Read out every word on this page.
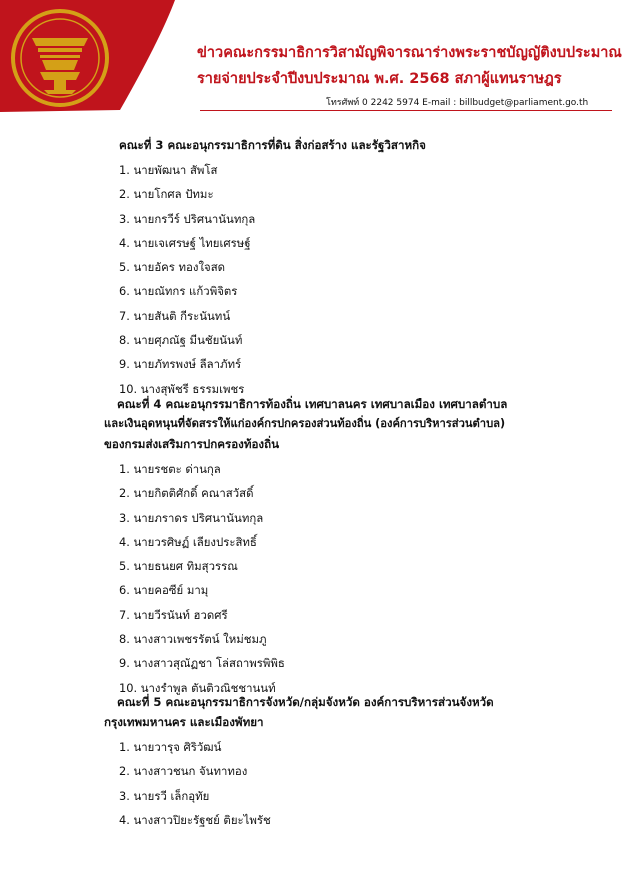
ข่าวคณะกรรมาธิการวิสามัญพิจารณาร่างพระราชบัญญัติงบประมาณ
รายจ่ายประจำปีงบประมาณ พ.ศ. 2568 สภาผู้แทนราษฎร
โทรศัพท์ 0 2242 5974 E-mail : billbudget@parliament.go.th
คณะที่ 3 คณะอนุกรรมาธิการที่ดิน สิ่งก่อสร้าง และรัฐวิสาหกิจ
1. นายพัฒนา สัพโส
2. นายโกศล ปัทมะ
3. นายกรวีร์ ปริศนานันทกุล
4. นายเจเศรษฐ์ ไทยเศรษฐ์
5. นายอัคร ทองใจสด
6. นายณัทกร แก้วพิจิตร
7. นายสันติ กีระนันทน์
8. นายศุภณัฐ มีนชัยนันท์
9. นายภัทรพงษ์ ลีลาภัทร์
10. นางสุพัชรี ธรรมเพชร
คณะที่ 4 คณะอนุกรรมาธิการท้องถิ่น เทศบาลนคร เทศบาลเมือง เทศบาลตำบล
และเงินอุดหนุนที่จัดสรรให้แก่องค์กรปกครองส่วนท้องถิ่น (องค์การบริหารส่วนตำบล)
ของกรมส่งเสริมการปกครองท้องถิ่น
1. นายรชตะ ด่านกุล
2. นายกิตติศักดิ์ คณาสวัสดิ์
3. นายภราดร ปริศนานันทกุล
4. นายวรศิษฏ์ เลียงประสิทธิ์
5. นายธนยศ ทิมสุวรรณ
6. นายคอซีย์ มามุ
7. นายวีรนันท์ ฮวดศรี
8. นางสาวเพชรรัตน์ ใหม่ชมภู
9. นางสาวสุณัฏชา โล่สถาพรพิพิธ
10. นางรำพูล ตันติวณิชชานนท์
คณะที่ 5 คณะอนุกรรมาธิการจังหวัด/กลุ่มจังหวัด องค์การบริหารส่วนจังหวัด
กรุงเทพมหานคร และเมืองพัทยา
1. นายวารุจ ศิริวัฒน์
2. นางสาวชนก จันทาทอง
3. นายรวี เล็กอุทัย
4. นางสาวปิยะรัฐชย์ ติยะไพรัช
